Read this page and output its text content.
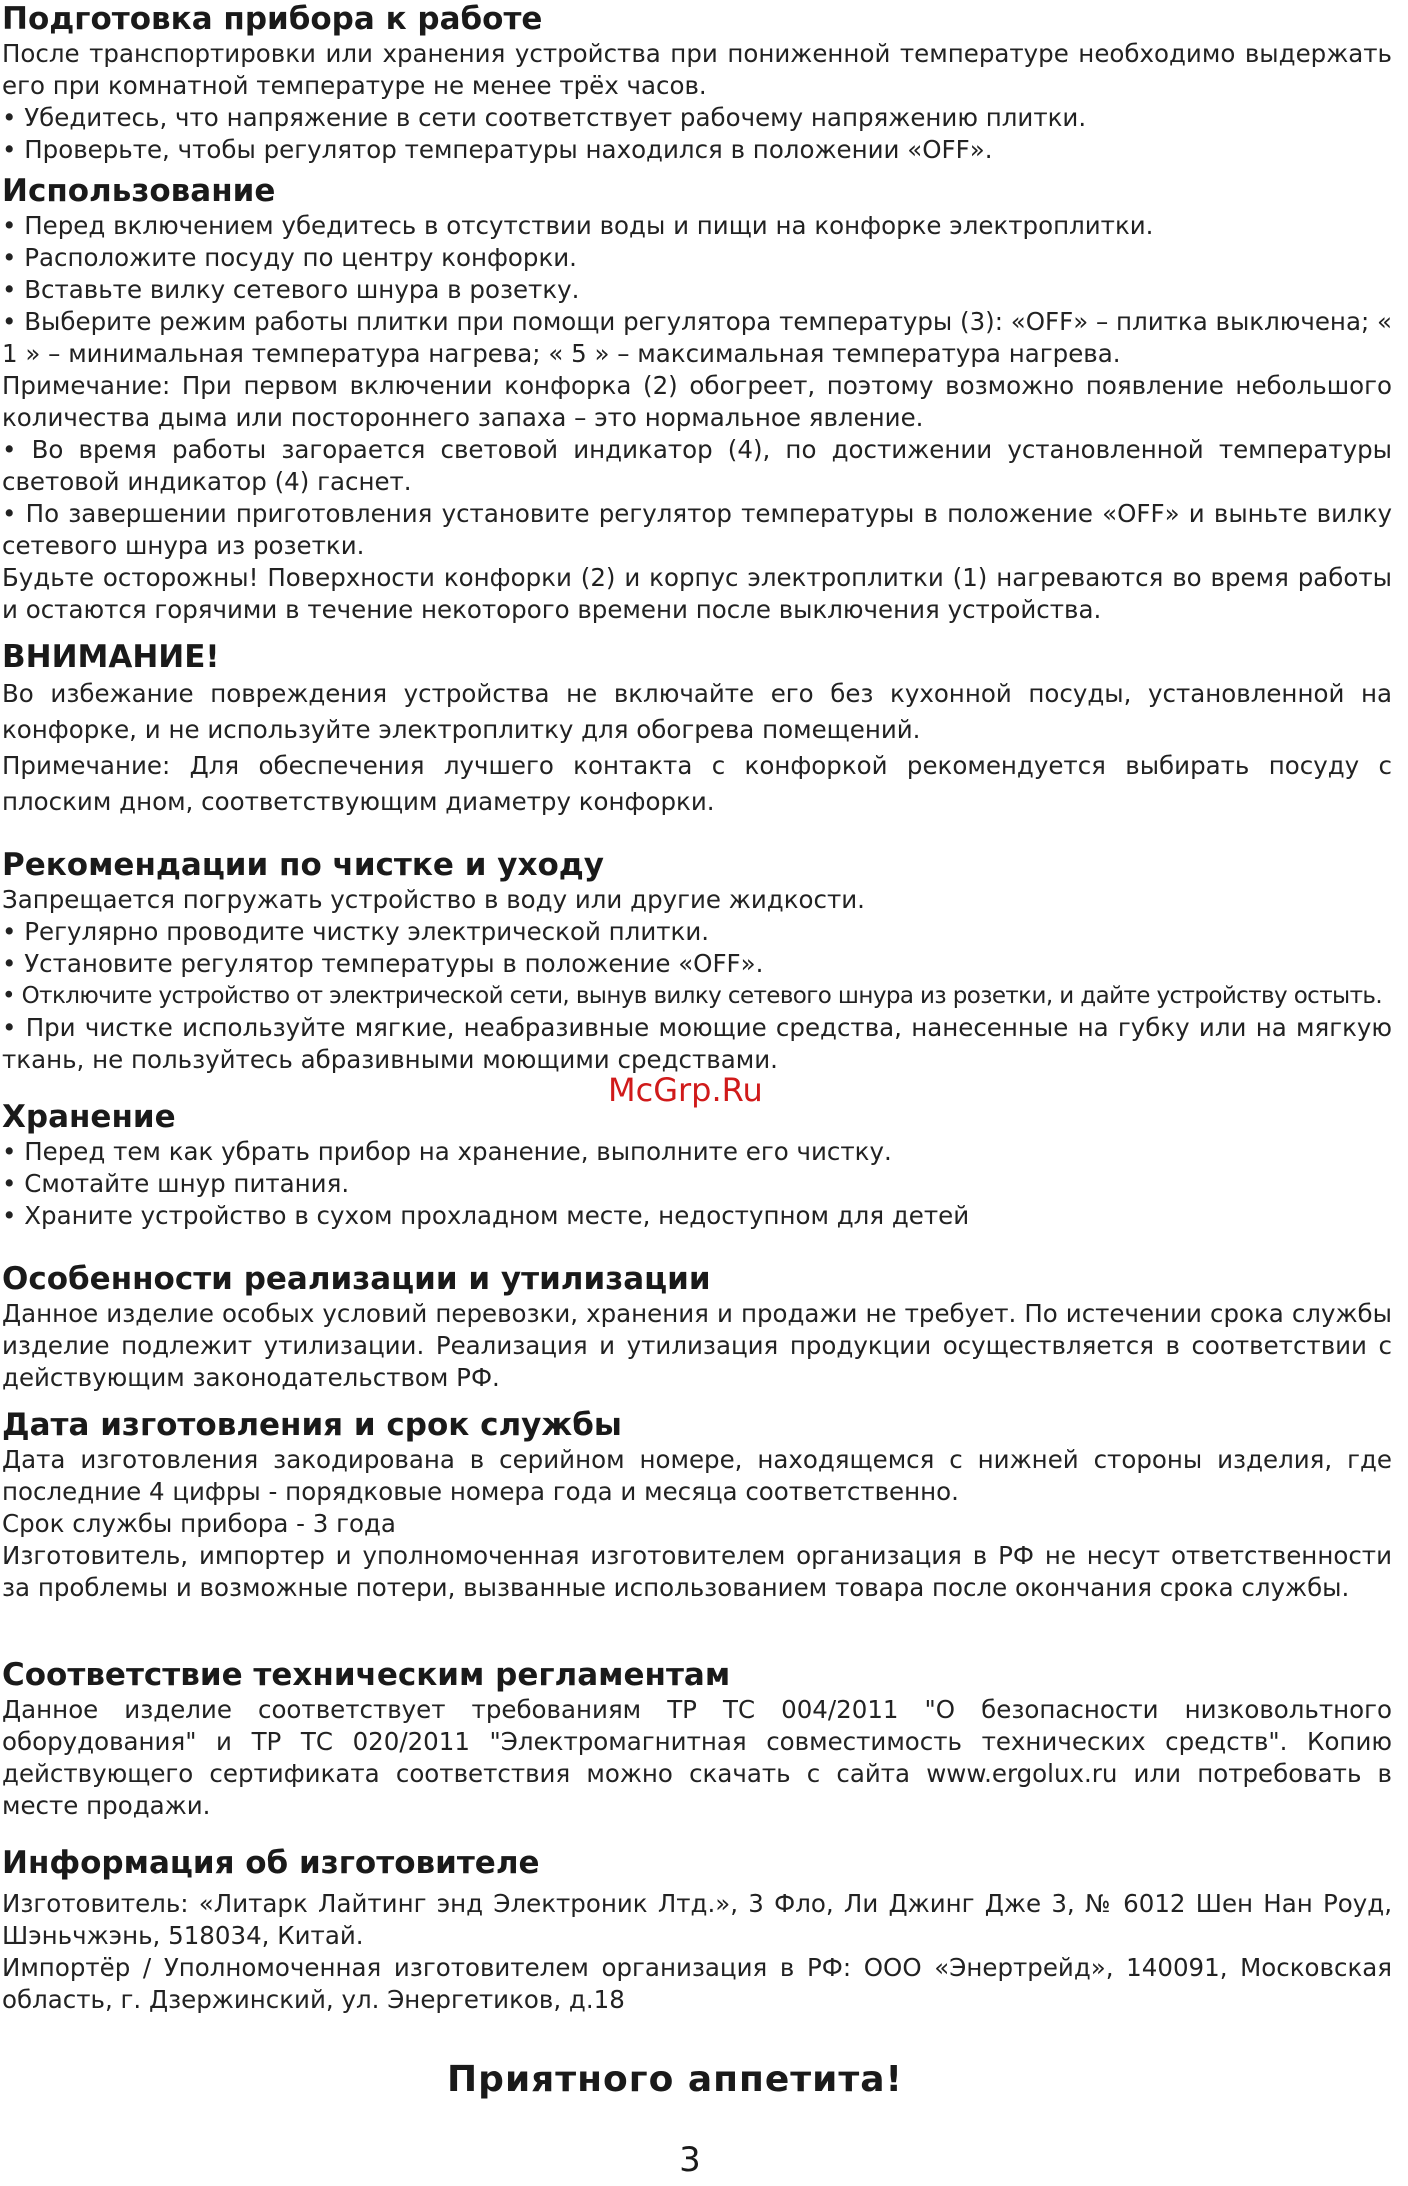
Подготовка прибора к работе

После транспортировки или хранения устройства при пониженной температуре необходимо выдержать его при комнатной температуре не менее трёх часов.

• Убедитесь, что напряжение в сети соответствует рабочему напряжению плитки.

• Проверьте, чтобы регулятор температуры находился в положении «OFF».

Использование

• Перед включением убедитесь в отсутствии воды и пищи на конфорке электроплитки.

• Расположите посуду по центру конфорки.

• Вставьте вилку сетевого шнура в розетку.

• Выберите режим работы плитки при помощи регулятора температуры (3): «OFF» – плитка выключена; « 1 » – минимальная температура нагрева; « 5 » – максимальная температура нагрева.

Примечание: При первом включении конфорка (2) обогреет, поэтому возможно появление небольшого количества дыма или постороннего запаха – это нормальное явление.

• Во время работы загорается световой индикатор (4), по достижении установленной температуры световой индикатор (4) гаснет.

• По завершении приготовления установите регулятор температуры в положение «OFF» и выньте вилку сетевого шнура из розетки.

Будьте осторожны! Поверхности конфорки (2) и корпус электроплитки (1) нагреваются во время работы и остаются горячими в течение некоторого времени после выключения устройства.

ВНИМАНИЕ!

Во избежание повреждения устройства не включайте его без кухонной посуды, установленной на конфорке, и не используйте электроплитку для обогрева помещений.

Примечание: Для обеспечения лучшего контакта с конфоркой рекомендуется выбирать посуду с плоским дном, соответствующим диаметру конфорки.

Рекомендации по чистке и уходу

Запрещается погружать устройство в воду или другие жидкости.

• Регулярно проводите чистку электрической плитки.

• Установите регулятор температуры в положение «OFF».

• Отключите устройство от электрической сети, вынув вилку сетевого шнура из розетки, и дайте устройству остыть.

• При чистке используйте мягкие, неабразивные моющие средства, нанесенные на губку или на мягкую ткань, не пользуйтесь абразивными моющими средствами.

Хранение

• Перед тем как убрать прибор на хранение, выполните его чистку.

• Смотайте шнур питания.

• Храните устройство в сухом прохладном месте, недоступном для детей

Особенности реализации и утилизации

Данное изделие особых условий перевозки, хранения и продажи не требует. По истечении срока службы изделие подлежит утилизации. Реализация и утилизация продукции осуществляется в соответствии с действующим законодательством РФ.

Дата изготовления и срок службы

Дата изготовления закодирована в серийном номере, находящемся с нижней стороны изделия, где последние 4 цифры - порядковые номера года и месяца соответственно.

Срок службы прибора - 3 года

Изготовитель, импортер и уполномоченная изготовителем организация в РФ не несут ответственности за проблемы и возможные потери, вызванные использованием товара после окончания срока службы.

Соответствие техническим регламентам

Данное изделие соответствует требованиям ТР ТС 004/2011 "О безопасности низковольтного оборудования" и ТР ТС 020/2011 "Электромагнитная совместимость технических средств". Копию действующего сертификата соответствия можно скачать с сайта www.ergolux.ru или потребовать в месте продажи.

Информация об изготовителе

Изготовитель: «Литарк Лайтинг энд Электроник Лтд.», 3 Фло, Ли Джинг Дже 3, № 6012 Шен Нан Роуд, Шэньчжэнь, 518034, Китай.

Импортёр / Уполномоченная изготовителем организация в РФ: ООО «Энертрейд», 140091, Московская область, г. Дзержинский, ул. Энергетиков, д.18

McGrp.Ru
Приятного аппетита!
3
